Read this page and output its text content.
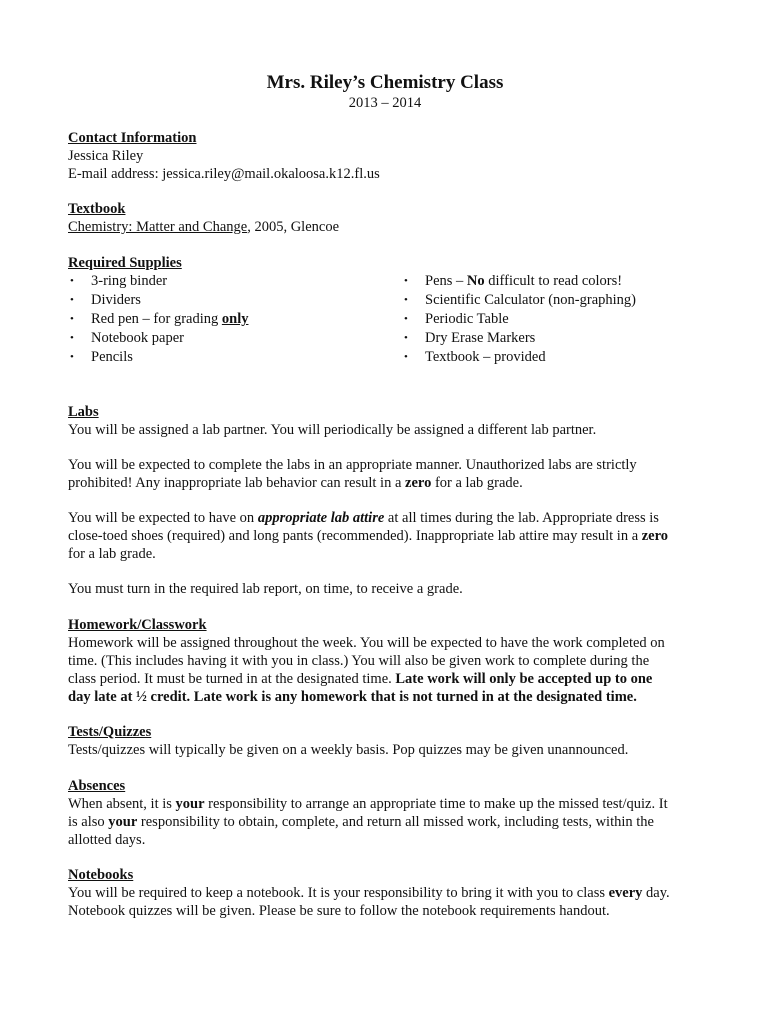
Mrs. Riley’s Chemistry Class
2013 – 2014
Contact Information
Jessica Riley
E-mail address: jessica.riley@mail.okaloosa.k12.fl.us
Textbook
Chemistry: Matter and Change, 2005, Glencoe
Required Supplies
• 3-ring binder
• Dividers
• Red pen – for grading only
• Notebook paper
• Pencils
• Pens – No difficult to read colors!
• Scientific Calculator (non-graphing)
• Periodic Table
• Dry Erase Markers
• Textbook – provided
Labs
You will be assigned a lab partner. You will periodically be assigned a different lab partner.
You will be expected to complete the labs in an appropriate manner. Unauthorized labs are strictly
prohibited! Any inappropriate lab behavior can result in a zero for a lab grade.
You will be expected to have on appropriate lab attire at all times during the lab. Appropriate dress is
close-toed shoes (required) and long pants (recommended). Inappropriate lab attire may result in a zero
for a lab grade.
You must turn in the required lab report, on time, to receive a grade.
Homework/Classwork
Homework will be assigned throughout the week. You will be expected to have the work completed on
time. (This includes having it with you in class.) You will also be given work to complete during the
class period. It must be turned in at the designated time. Late work will only be accepted up to one
day late at ½ credit. Late work is any homework that is not turned in at the designated time.
Tests/Quizzes
Tests/quizzes will typically be given on a weekly basis. Pop quizzes may be given unannounced.
Absences
When absent, it is your responsibility to arrange an appropriate time to make up the missed test/quiz. It
is also your responsibility to obtain, complete, and return all missed work, including tests, within the
allotted days.
Notebooks
You will be required to keep a notebook. It is your responsibility to bring it with you to class every day.
Notebook quizzes will be given. Please be sure to follow the notebook requirements handout.
